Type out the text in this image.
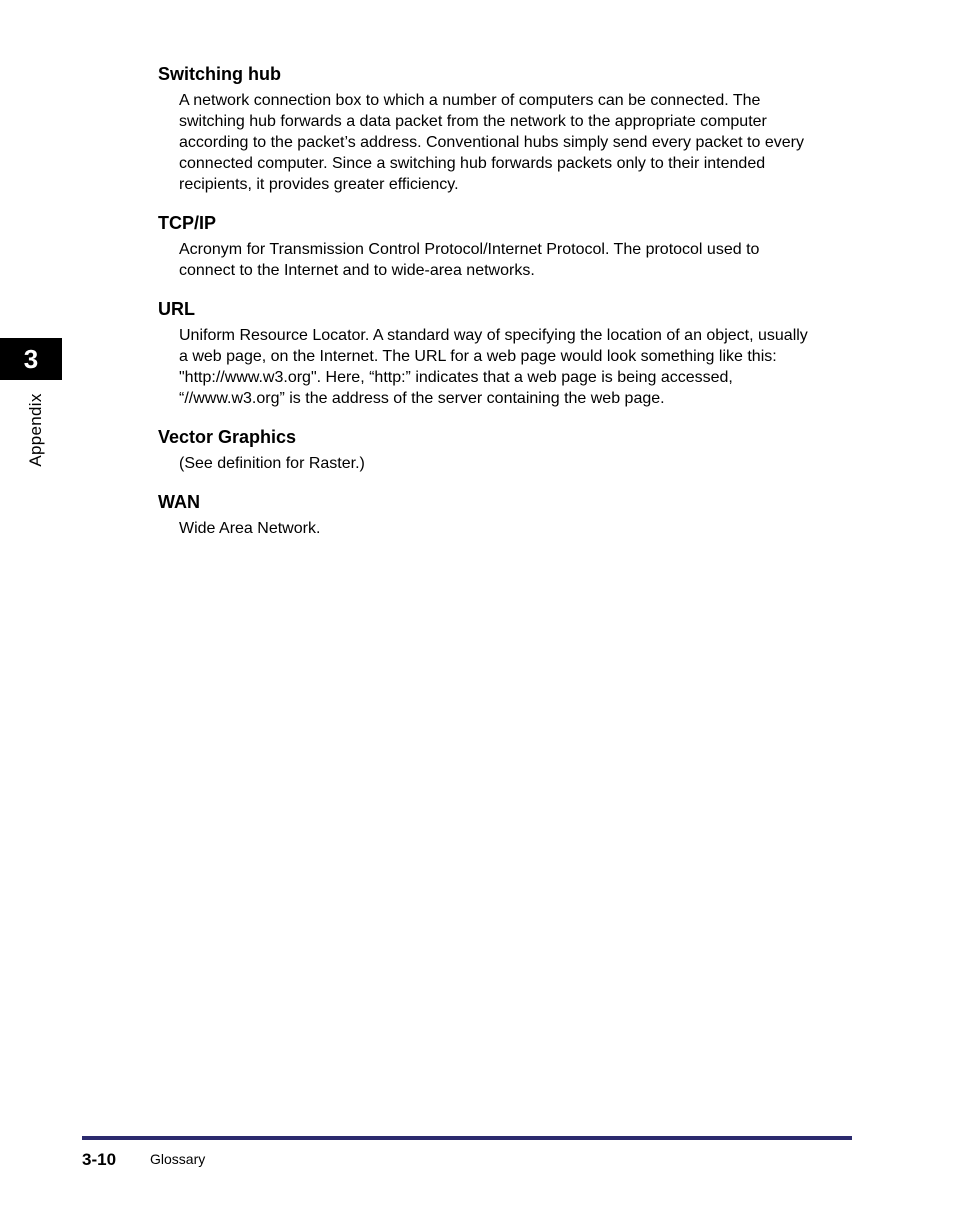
3
Appendix
Switching hub
A network connection box to which a number of computers can be connected. The
switching hub forwards a data packet from the network to the appropriate computer
according to the packet’s address. Conventional hubs simply send every packet to every
connected computer. Since a switching hub forwards packets only to their intended
recipients, it provides greater efficiency.
TCP/IP
Acronym for Transmission Control Protocol/Internet Protocol. The protocol used to
connect to the Internet and to wide-area networks.
URL
Uniform Resource Locator. A standard way of specifying the location of an object, usually
a web page, on the Internet. The URL for a web page would look something like this:
"http://www.w3.org". Here, “http:” indicates that a web page is being accessed,
“//www.w3.org” is the address of the server containing the web page.
Vector Graphics
(See definition for Raster.)
WAN
Wide Area Network.
3-10 Glossary
